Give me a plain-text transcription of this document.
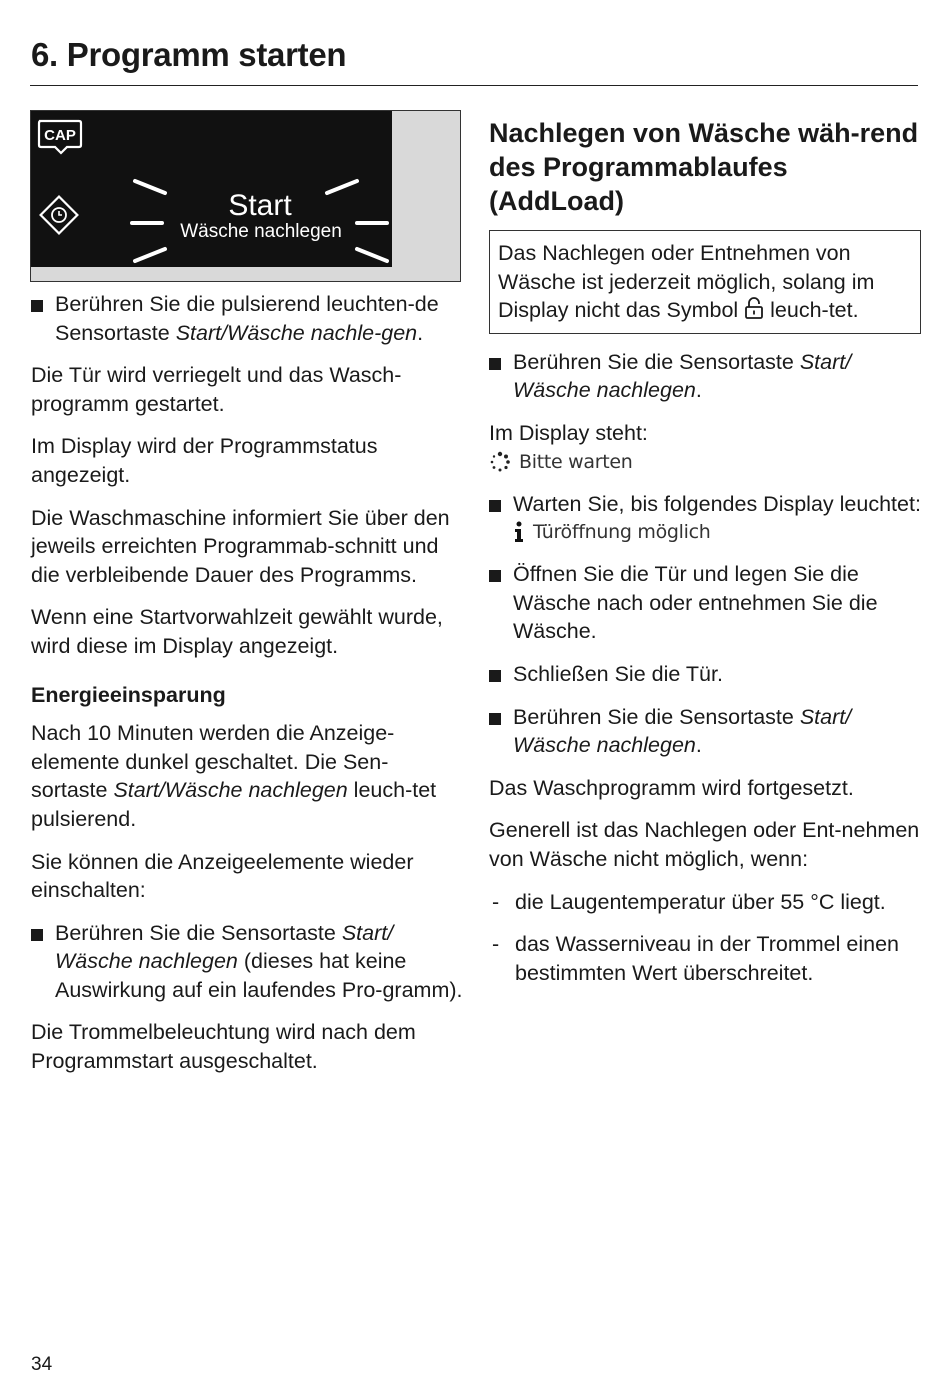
6. Programm starten
CAP
Start
Wäsche nachlegen
Berühren Sie die pulsierend leuchten-de Sensortaste Start/Wäsche nachle-gen.

Die Tür wird verriegelt und das Wasch-programm gestartet.

Im Display wird der Programmstatus angezeigt.

Die Waschmaschine informiert Sie über den jeweils erreichten Programmab-schnitt und die verbleibende Dauer des Programms.

Wenn eine Startvorwahlzeit gewählt wurde, wird diese im Display angezeigt.

Energieeinsparung

Nach 10 Minuten werden die Anzeige-elemente dunkel geschaltet. Die Sen-sortaste Start/Wäsche nachlegen leuch-tet pulsierend.

Sie können die Anzeigeelemente wieder einschalten:

Berühren Sie die Sensortaste Start/ Wäsche nachlegen (dieses hat keine Auswirkung auf ein laufendes Pro-gramm).

Die Trommelbeleuchtung wird nach dem Programmstart ausgeschaltet.

Nachlegen von Wäsche wäh-rend des Programmablaufes (AddLoad)
Das Nachlegen oder Entnehmen von Wäsche ist jederzeit möglich, solang im Display nicht das Symbol  leuch-tet.
Berühren Sie die Sensortaste Start/ Wäsche nachlegen.

Im Display steht:

Bitte warten
Warten Sie, bis folgendes Display leuchtet:
Türöffnung möglich
Öffnen Sie die Tür und legen Sie die Wäsche nach oder entnehmen Sie die Wäsche.
Schließen Sie die Tür.
Berühren Sie die Sensortaste Start/ Wäsche nachlegen.

Das Waschprogramm wird fortgesetzt.

Generell ist das Nachlegen oder Ent-nehmen von Wäsche nicht möglich, wenn:

- die Laugentemperatur über 55 °C liegt.
- das Wasserniveau in der Trommel einen bestimmten Wert überschreitet.
34
